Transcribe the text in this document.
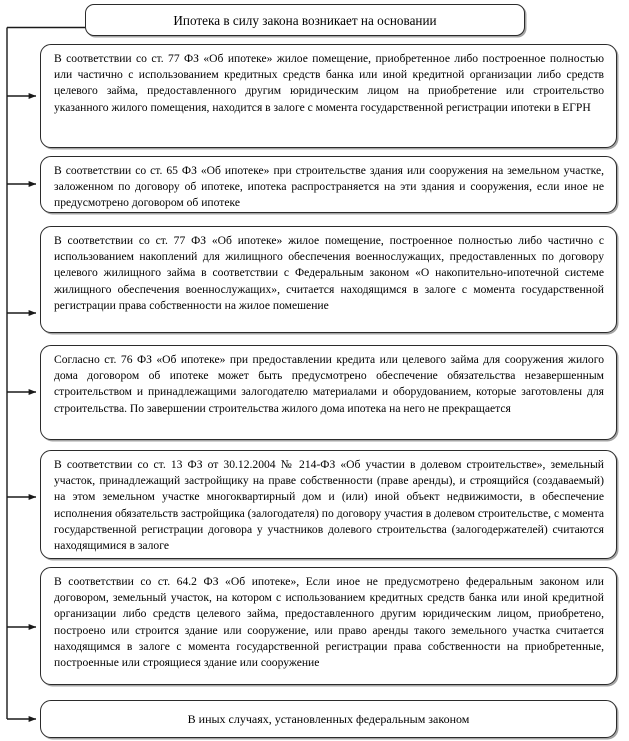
Ипотека в силу закона возникает на основании
В соответствии со ст. 77 ФЗ «Об ипотеке» жилое помещение, приобретенное либо построенное полностью или частично с использованием кредитных средств банка или иной кредитной организации либо средств целевого займа, предоставленного другим юридическим лицом на приобретение или строительство указанного жилого помещения, находится в залоге с момента государственной регистрации ипотеки в ЕГРН
В соответствии со ст. 65 ФЗ «Об ипотеке» при строительстве здания или сооружения на земельном участке, заложенном по договору об ипотеке, ипотека распространяется на эти здания и сооружения, если иное не предусмотрено договором об ипотеке
В соответствии со ст. 77 ФЗ «Об ипотеке» жилое помещение, построенное полностью либо частично с использованием накоплений для жилищного обеспечения военнослужащих, предоставленных по договору целевого жилищного займа в соответствии с Федеральным законом «О накопительно-ипотечной системе жилищного обеспечения военнослужащих», считается находящимся в залоге с момента государственной регистрации права собственности на жилое помешение
Согласно ст. 76 ФЗ «Об ипотеке» при предоставлении кредита или целевого займа для сооружения жилого дома договором об ипотеке может быть предусмотрено обеспечение обязательства незавершенным строительством и принадлежащими залогодателю материалами и оборудованием, которые заготовлены для строительства. По завершении строительства жилого дома ипотека на него не прекращается
В соответствии со ст. 13 ФЗ от 30.12.2004 № 214-ФЗ «Об участии в долевом строительстве», земельный участок, принадлежащий застройщику на праве собственности (праве аренды), и строящийся (создаваемый) на этом земельном участке многоквартирный дом и (или) иной объект недвижимости, в обеспечение исполнения обязательств застройщика (залогодателя) по договору участия в долевом строительстве, с момента государственной регистрации договора у участников долевого строительства (залогодержателей) считаются находящимися в залоге
В соответствии со ст. 64.2 ФЗ «Об ипотеке», Если иное не предусмотрено федеральным законом или договором, земельный участок, на котором с использованием кредитных средств банка или иной кредитной организации либо средств целевого займа, предоставленного другим юридическим лицом, приобретено, построено или строится здание или сооружение, или право аренды такого земельного участка считается находящимся в залоге с момента государственной регистрации права собственности на приобретенные, построенные или строящиеся здание или сооружение
В иных случаях, установленных федеральным законом
